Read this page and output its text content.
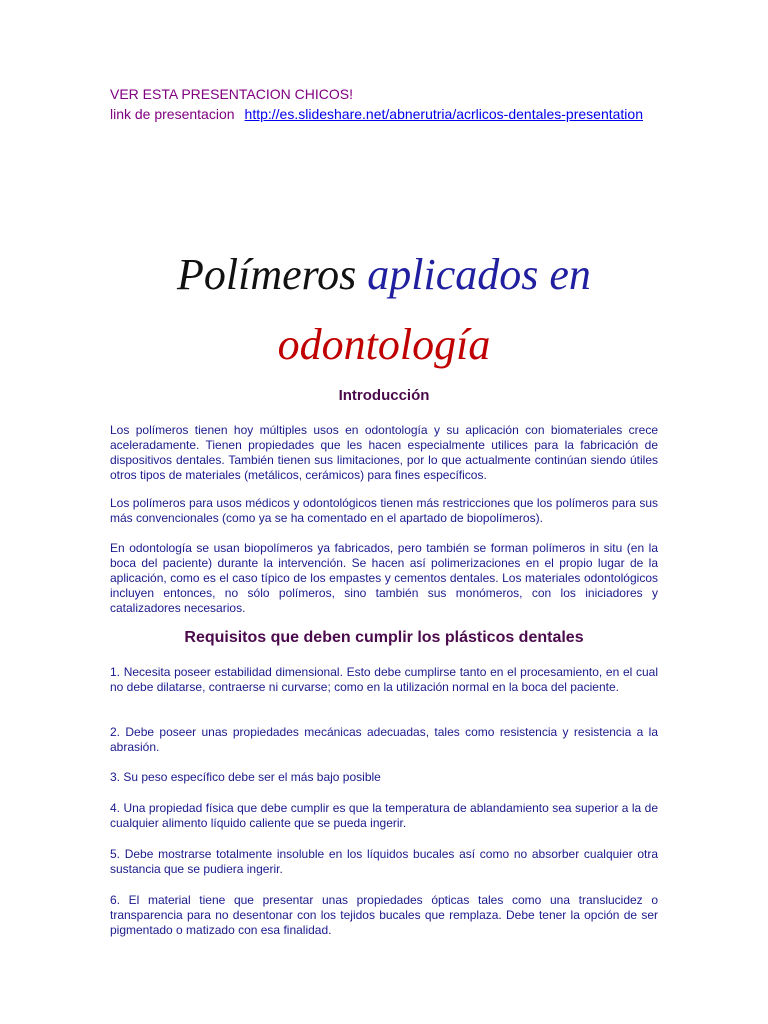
VER ESTA PRESENTACION CHICOS!
link de presentacion http://es.slideshare.net/abnerutria/acrlicos-dentales-presentation
Polímeros aplicados en
odontología
Introducción

Los polímeros tienen hoy múltiples usos en odontología y su aplicación con biomateriales crece aceleradamente. Tienen propiedades que les hacen especialmente utilices para la fabricación de dispositivos dentales. También tienen sus limitaciones, por lo que actualmente continúan siendo útiles otros tipos de materiales (metálicos, cerámicos) para fines específicos.

Los polímeros para usos médicos y odontológicos tienen más restricciones que los polímeros para sus más convencionales (como ya se ha comentado en el apartado de biopolímeros).

En odontología se usan biopolímeros ya fabricados, pero también se forman polímeros in situ (en la boca del paciente) durante la intervención. Se hacen así polimerizaciones en el propio lugar de la aplicación, como es el caso típico de los empastes y cementos dentales. Los materiales odontológicos incluyen entonces, no sólo polímeros, sino también sus monómeros, con los iniciadores y catalizadores necesarios.

Requisitos que deben cumplir los plásticos dentales

1. Necesita poseer estabilidad dimensional. Esto debe cumplirse tanto en el procesamiento, en el cual no debe dilatarse, contraerse ni curvarse; como en la utilización normal en la boca del paciente.

2. Debe poseer unas propiedades mecánicas adecuadas, tales como resistencia y resistencia a la abrasión.

3. Su peso específico debe ser el más bajo posible

4. Una propiedad física que debe cumplir es que la temperatura de ablandamiento sea superior a la de cualquier alimento líquido caliente que se pueda ingerir.

5. Debe mostrarse totalmente insoluble en los líquidos bucales así como no absorber cualquier otra sustancia que se pudiera ingerir.

6. El material tiene que presentar unas propiedades ópticas tales como una translucidez o transparencia para no desentonar con los tejidos bucales que remplaza. Debe tener la opción de ser pigmentado o matizado con esa finalidad.
